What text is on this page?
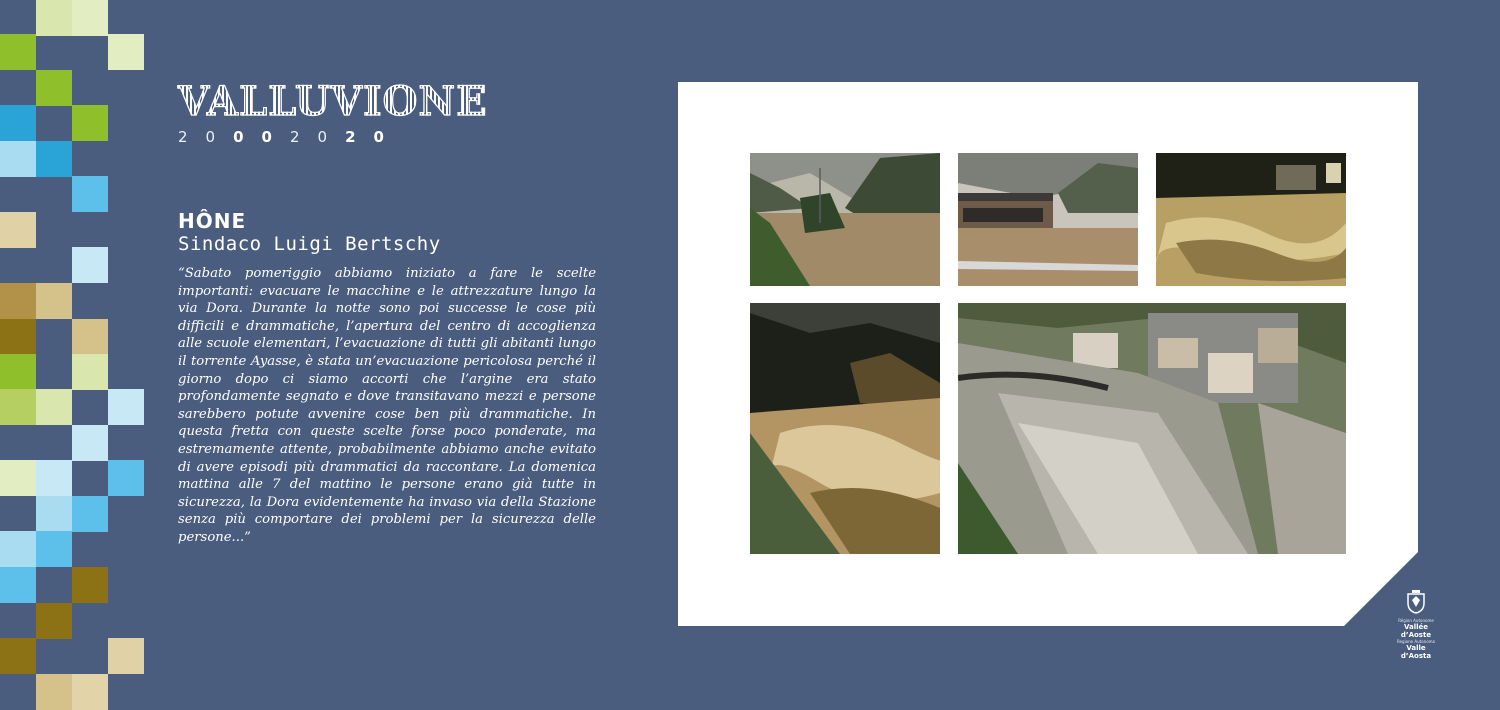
VALLUVIONE
20002020
HÔNE
Sindaco Luigi Bertschy
“Sabato pomeriggio abbiamo iniziato a fare le scelte importanti: evacuare le macchine e le attrezzature lungo la via Dora. Durante la notte sono poi successe le cose più difficili e drammatiche, l’apertura del centro di accoglienza alle scuole elementari, l’evacuazione di tutti gli abitanti lungo il torrente Ayasse, è stata un’evacuazione pericolosa perché il giorno dopo ci siamo accorti che l’argine era stato profondamente segnato e dove transitavano mezzi e persone sarebbero potute avvenire cose ben più drammatiche. In questa fretta con queste scelte forse poco ponderate, ma estremamente attente, probabilmente abbiamo anche evitato di avere episodi più drammatici da raccontare. La domenica mattina alle 7 del mattino le persone erano già tutte in sicurezza, la Dora evidentemente ha invaso via della Stazione senza più comportare dei problemi per la sicurezza delle persone...”
Région Autonome
Vallée d’Aoste
Regione Autonoma
Valle d’Aosta
